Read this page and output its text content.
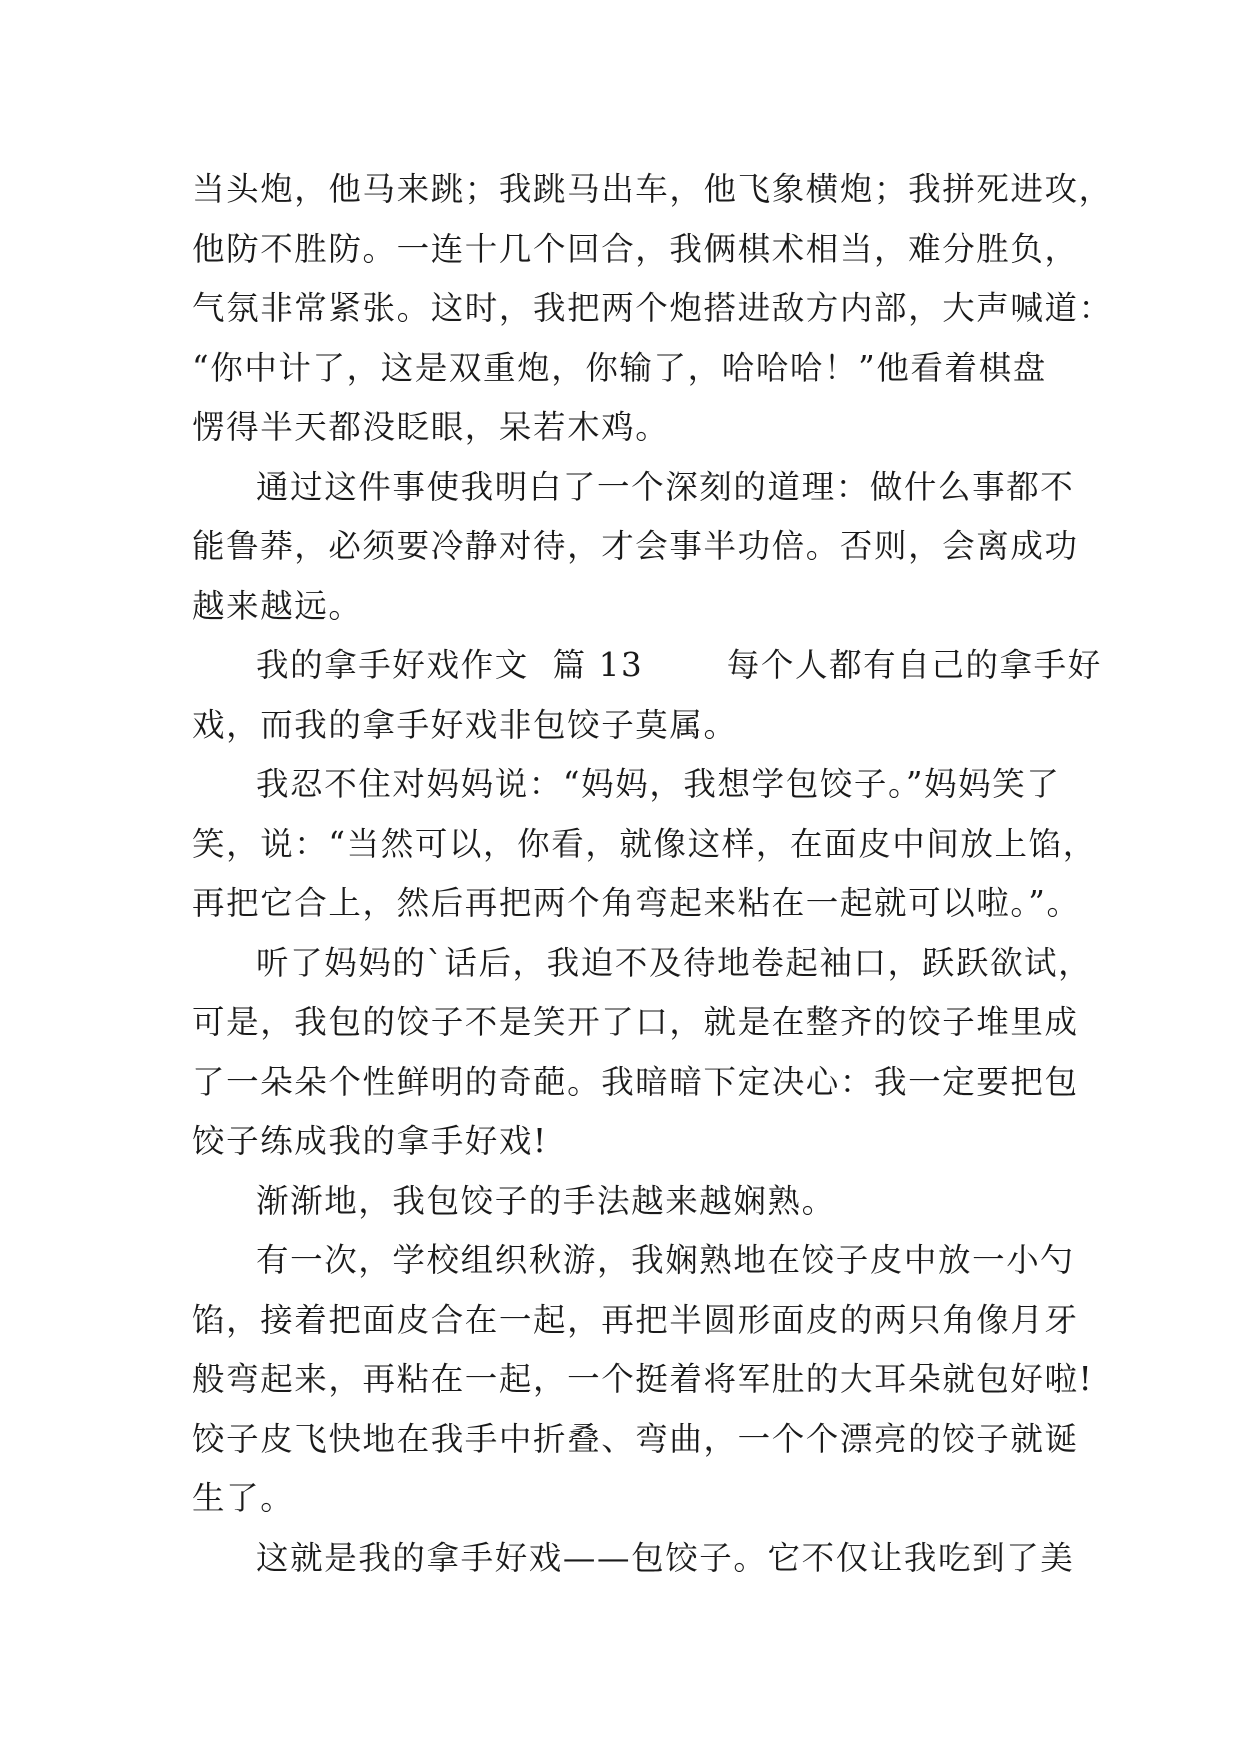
当头炮，他马来跳；我跳马出车，他飞象横炮；我拼死进攻，
他防不胜防。一连十几个回合，我俩棋术相当，难分胜负，
气氛非常紧张。这时，我把两个炮搭进敌方内部，大声喊道：
“你中计了，这是双重炮，你输了，哈哈哈！”他看着棋盘
愣得半天都没眨眼，呆若木鸡。
通过这件事使我明白了一个深刻的道理：做什么事都不
能鲁莽，必须要冷静对待，才会事半功倍。否则，会离成功
越来越远。
我的拿手好戏作文  篇 13       每个人都有自己的拿手好
戏，而我的拿手好戏非包饺子莫属。
我忍不住对妈妈说：“妈妈，我想学包饺子。”妈妈笑了
笑，说：“当然可以，你看，就像这样，在面皮中间放上馅，
再把它合上，然后再把两个角弯起来粘在一起就可以啦。”。
听了妈妈的`话后，我迫不及待地卷起袖口，跃跃欲试，
可是，我包的饺子不是笑开了口，就是在整齐的饺子堆里成
了一朵朵个性鲜明的奇葩。我暗暗下定决心：我一定要把包
饺子练成我的拿手好戏!
渐渐地，我包饺子的手法越来越娴熟。
有一次，学校组织秋游，我娴熟地在饺子皮中放一小勺
馅，接着把面皮合在一起，再把半圆形面皮的两只角像月牙
般弯起来，再粘在一起，一个挺着将军肚的大耳朵就包好啦!
饺子皮飞快地在我手中折叠、弯曲，一个个漂亮的饺子就诞
生了。
这就是我的拿手好戏——包饺子。它不仅让我吃到了美
